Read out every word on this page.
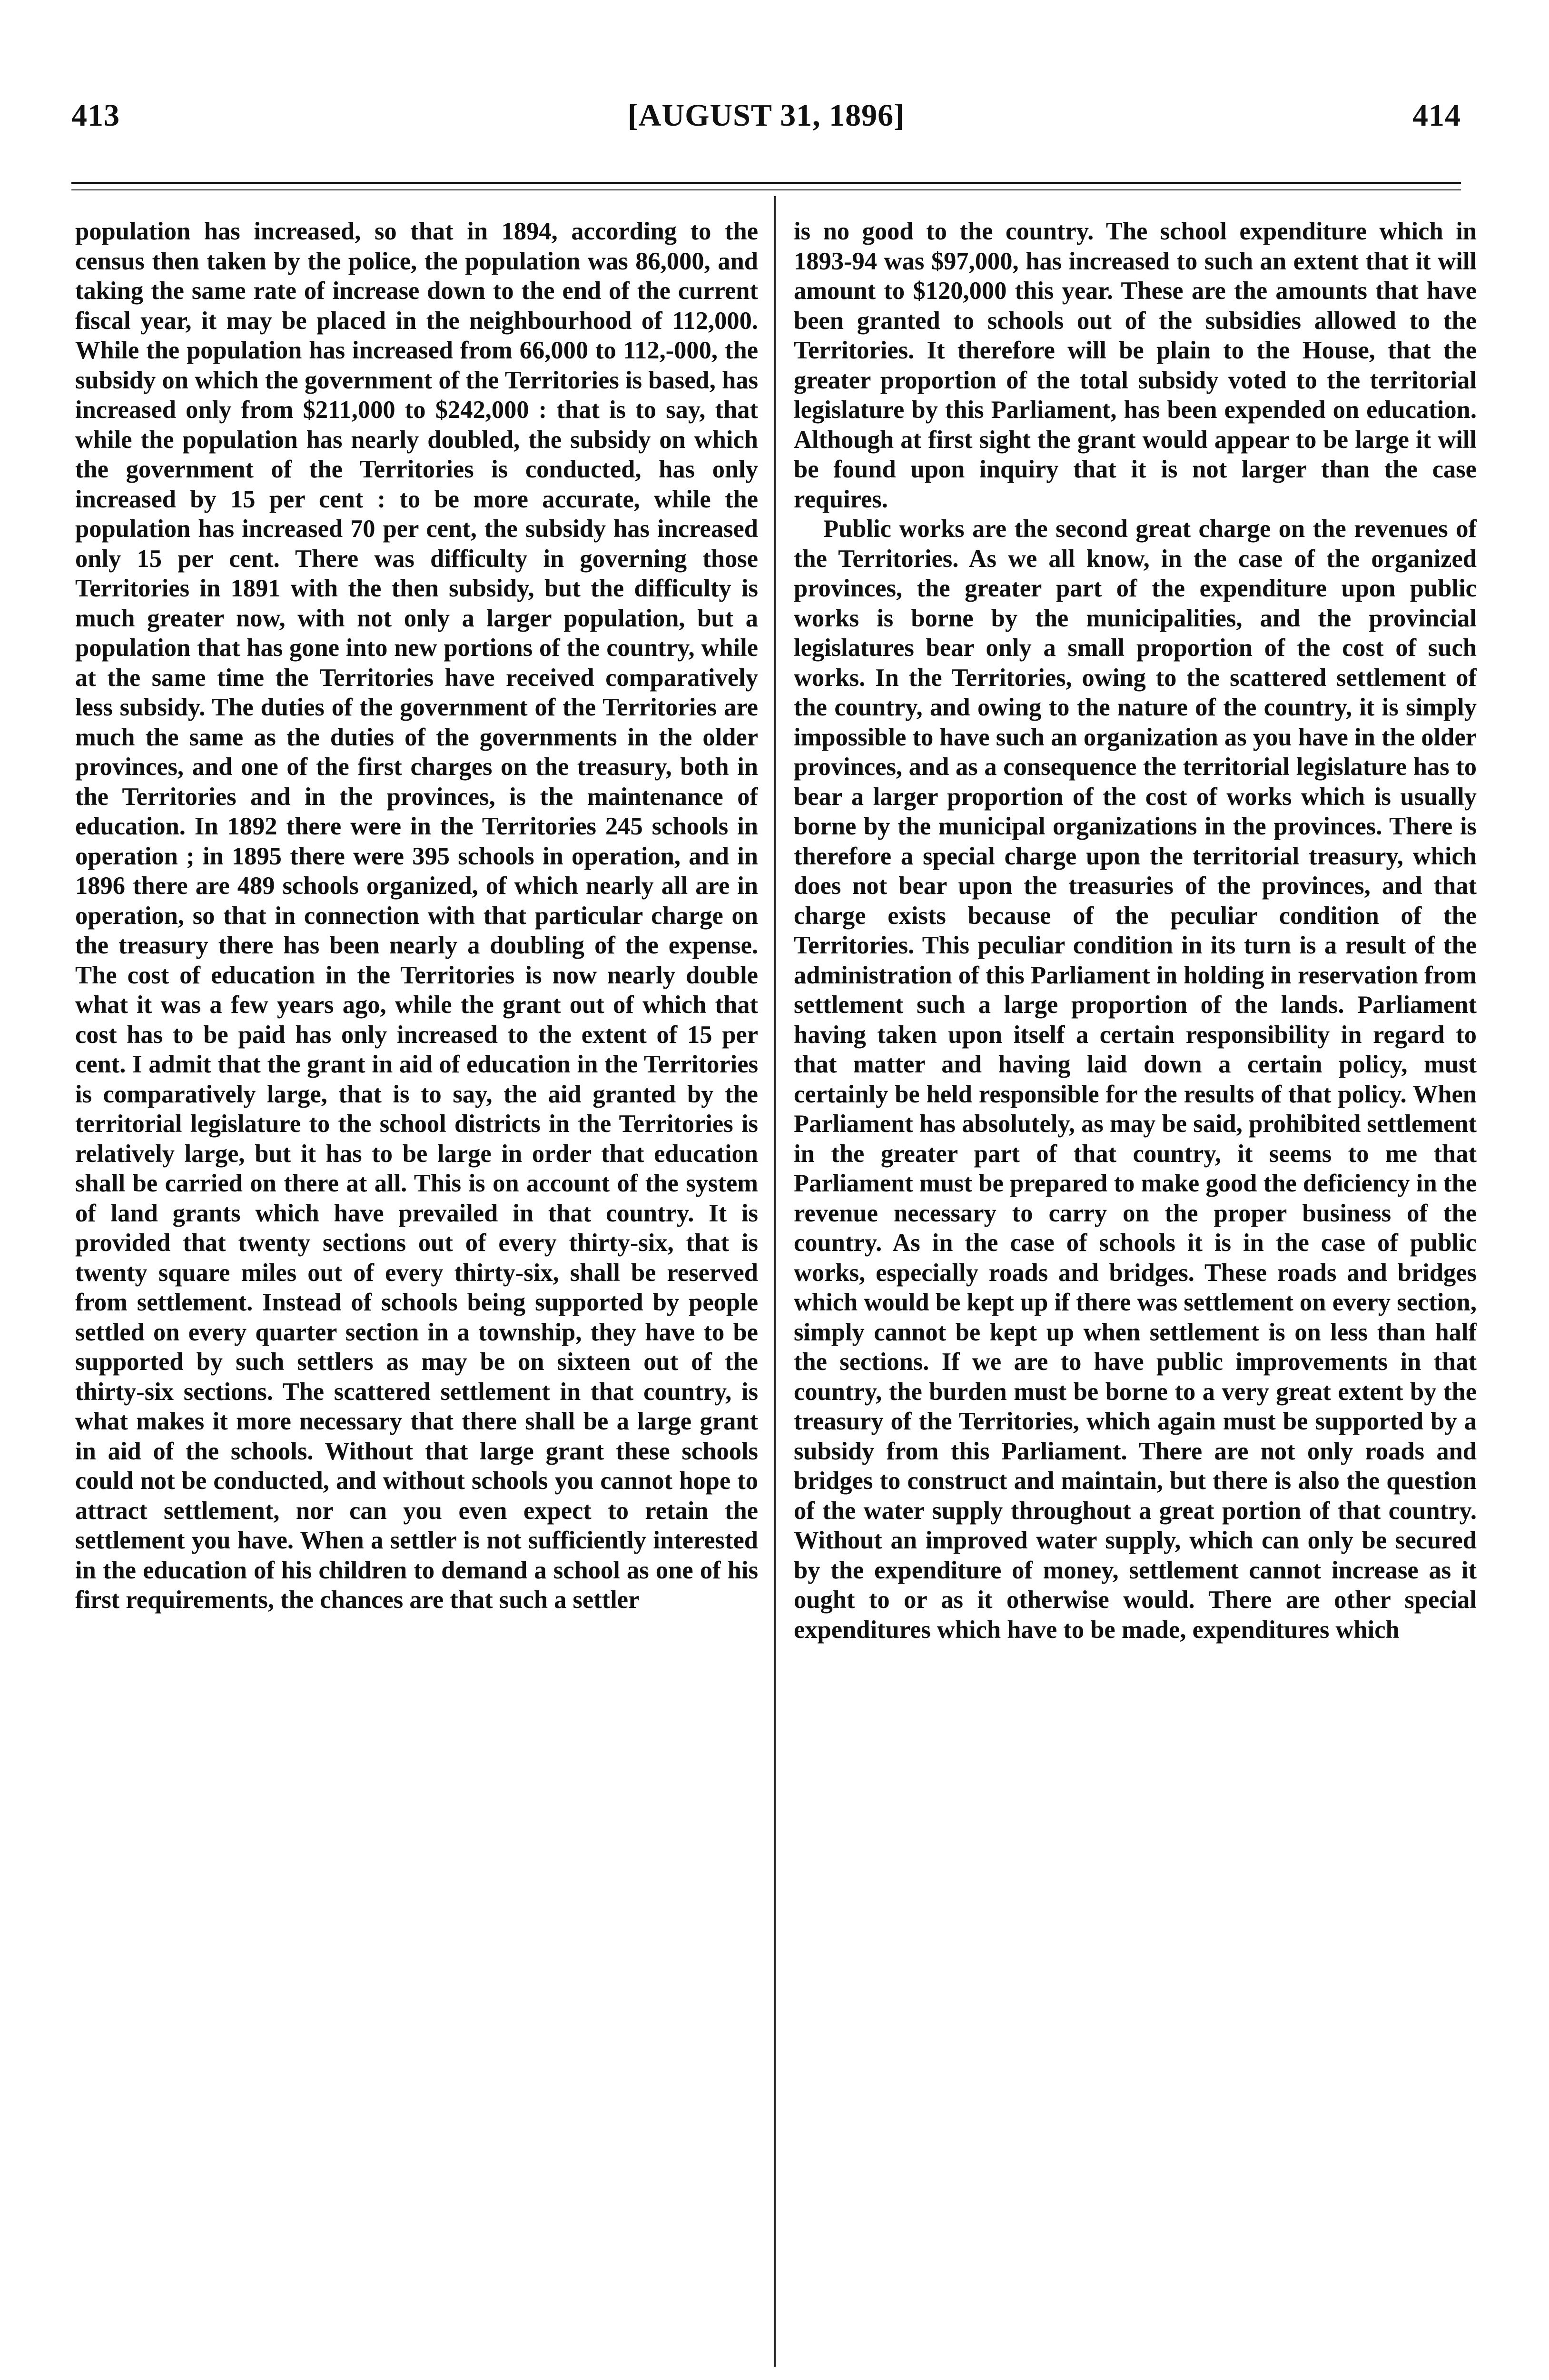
413	[AUGUST 31, 1896]	414

population has increased, so that in 1894, according to the census then taken by the police, the population was 86,000, and taking the same rate of increase down to the end of the current fiscal year, it may be placed in the neighbourhood of 112,000. While the population has increased from 66,000 to 112,-000, the subsidy on which the government of the Territories is based, has increased only from $211,000 to $242,000 : that is to say, that while the population has nearly doubled, the subsidy on which the government of the Territories is conducted, has only increased by 15 per cent : to be more accurate, while the population has increased 70 per cent, the subsidy has increased only 15 per cent. There was difficulty in governing those Territories in 1891 with the then subsidy, but the difficulty is much greater now, with not only a larger population, but a population that has gone into new portions of the country, while at the same time the Territories have received comparatively less subsidy. The duties of the government of the Territories are much the same as the duties of the governments in the older provinces, and one of the first charges on the treasury, both in the Territories and in the provinces, is the maintenance of education. In 1892 there were in the Territories 245 schools in operation ; in 1895 there were 395 schools in operation, and in 1896 there are 489 schools organized, of which nearly all are in operation, so that in connection with that particular charge on the treasury there has been nearly a doubling of the expense. The cost of education in the Territories is now nearly double what it was a few years ago, while the grant out of which that cost has to be paid has only increased to the extent of 15 per cent. I admit that the grant in aid of education in the Territories is comparatively large, that is to say, the aid granted by the territorial legislature to the school districts in the Territories is relatively large, but it has to be large in order that education shall be carried on there at all. This is on account of the system of land grants which have prevailed in that country. It is provided that twenty sections out of every thirty-six, that is twenty square miles out of every thirty-six, shall be reserved from settlement. Instead of schools being supported by people settled on every quarter section in a township, they have to be supported by such settlers as may be on sixteen out of the thirty-six sections. The scattered settlement in that country, is what makes it more necessary that there shall be a large grant in aid of the schools. Without that large grant these schools could not be conducted, and without schools you cannot hope to attract settlement, nor can you even expect to retain the settlement you have. When a settler is not sufficiently interested in the education of his children to demand a school as one of his first requirements, the chances are that such a settler

is no good to the country. The school expenditure which in 1893-94 was $97,000, has increased to such an extent that it will amount to $120,000 this year. These are the amounts that have been granted to schools out of the subsidies allowed to the Territories. It therefore will be plain to the House, that the greater proportion of the total subsidy voted to the territorial legislature by this Parliament, has been expended on education. Although at first sight the grant would appear to be large it will be found upon inquiry that it is not larger than the case requires.

Public works are the second great charge on the revenues of the Territories. As we all know, in the case of the organized provinces, the greater part of the expenditure upon public works is borne by the municipalities, and the provincial legislatures bear only a small proportion of the cost of such works. In the Territories, owing to the scattered settlement of the country, and owing to the nature of the country, it is simply impossible to have such an organization as you have in the older provinces, and as a consequence the territorial legislature has to bear a larger proportion of the cost of works which is usually borne by the municipal organizations in the provinces. There is therefore a special charge upon the territorial treasury, which does not bear upon the treasuries of the provinces, and that charge exists because of the peculiar condition of the Territories. This peculiar condition in its turn is a result of the administration of this Parliament in holding in reservation from settlement such a large proportion of the lands. Parliament having taken upon itself a certain responsibility in regard to that matter and having laid down a certain policy, must certainly be held responsible for the results of that policy. When Parliament has absolutely, as may be said, prohibited settlement in the greater part of that country, it seems to me that Parliament must be prepared to make good the deficiency in the revenue necessary to carry on the proper business of the country. As in the case of schools it is in the case of public works, especially roads and bridges. These roads and bridges which would be kept up if there was settlement on every section, simply cannot be kept up when settlement is on less than half the sections. If we are to have public improvements in that country, the burden must be borne to a very great extent by the treasury of the Territories, which again must be supported by a subsidy from this Parliament. There are not only roads and bridges to construct and maintain, but there is also the question of the water supply throughout a great portion of that country. Without an improved water supply, which can only be secured by the expenditure of money, settlement cannot increase as it ought to or as it otherwise would. There are other special expenditures which have to be made, expenditures which
